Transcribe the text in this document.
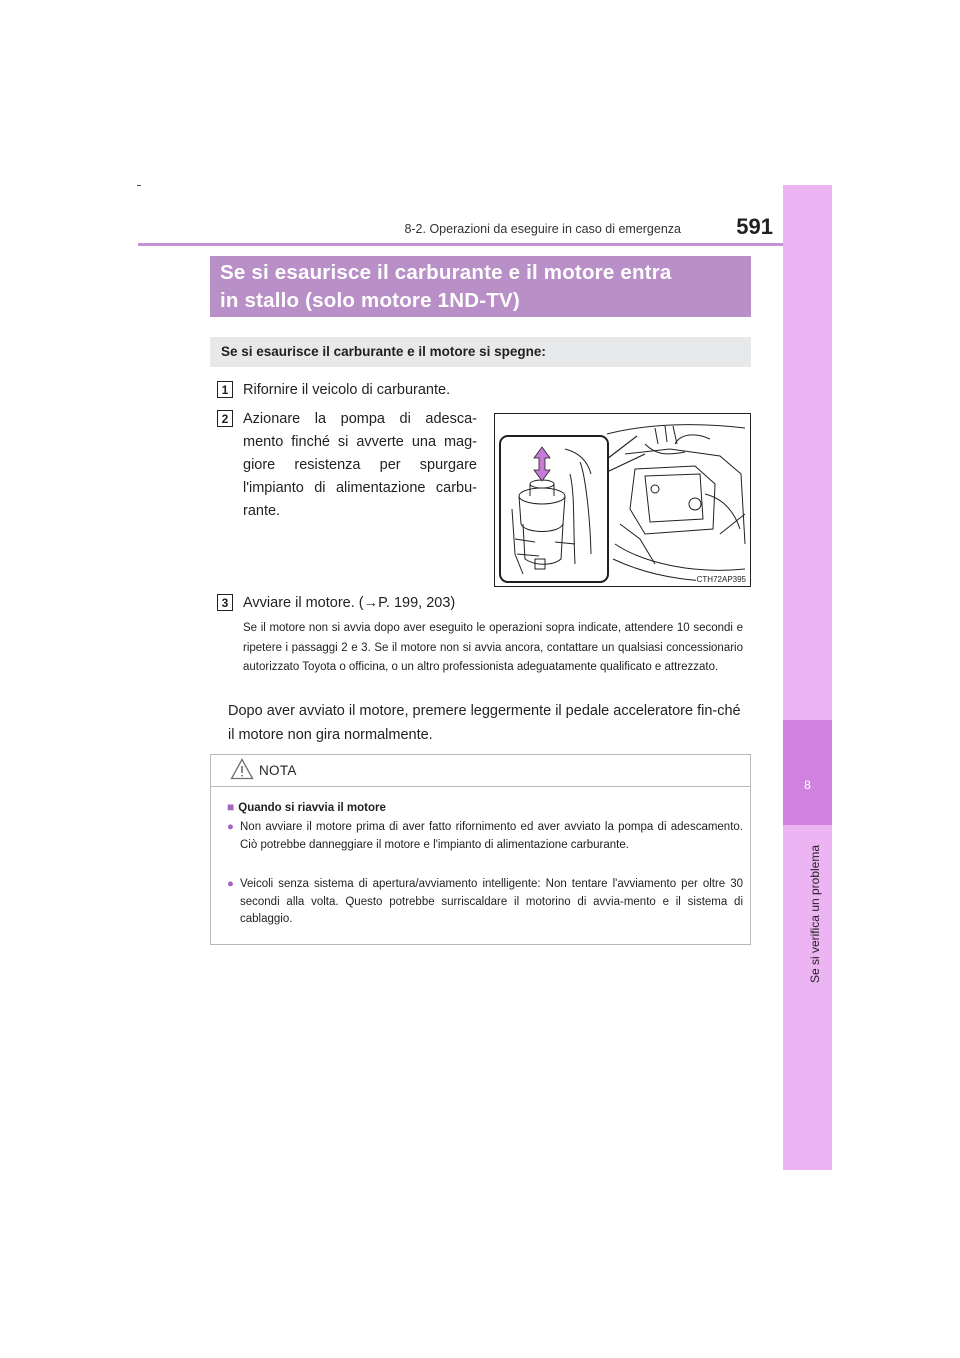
591
8-2. Operazioni da eseguire in caso di emergenza
8
Se si verifica un problema
Se si esaurisce il carburante e il motore entra
in stallo (solo motore 1ND-TV)
Se si esaurisce il carburante e il motore si spegne:
1	Rifornire il veicolo di carburante.
2	Azionare la pompa di adesca-
mento finché si avverte una mag-
giore resistenza per spurgare
l'impianto di alimentazione carbu-
rante.
CTH72AP395
3	Avviare il motore. (→P. 199, 203)
Se il motore non si avvia dopo aver eseguito le operazioni sopra indicate, attendere 10 secondi e ripetere i passaggi 2 e 3. Se il motore non si avvia ancora, contattare un qualsiasi concessionario autorizzato Toyota o officina, o un altro professionista adeguatamente qualificato e attrezzato.
Dopo aver avviato il motore, premere leggermente il pedale acceleratore fin-ché il motore non gira normalmente.
NOTA
■ Quando si riavvia il motore
● Non avviare il motore prima di aver fatto rifornimento ed aver avviato la pompa di adescamento. Ciò potrebbe danneggiare il motore e l'impianto di alimentazione carburante.
● Veicoli senza sistema di apertura/avviamento intelligente: Non tentare l'avviamento per oltre 30 secondi alla volta. Questo potrebbe surriscaldare il motorino di avvia-mento e il sistema di cablaggio.
